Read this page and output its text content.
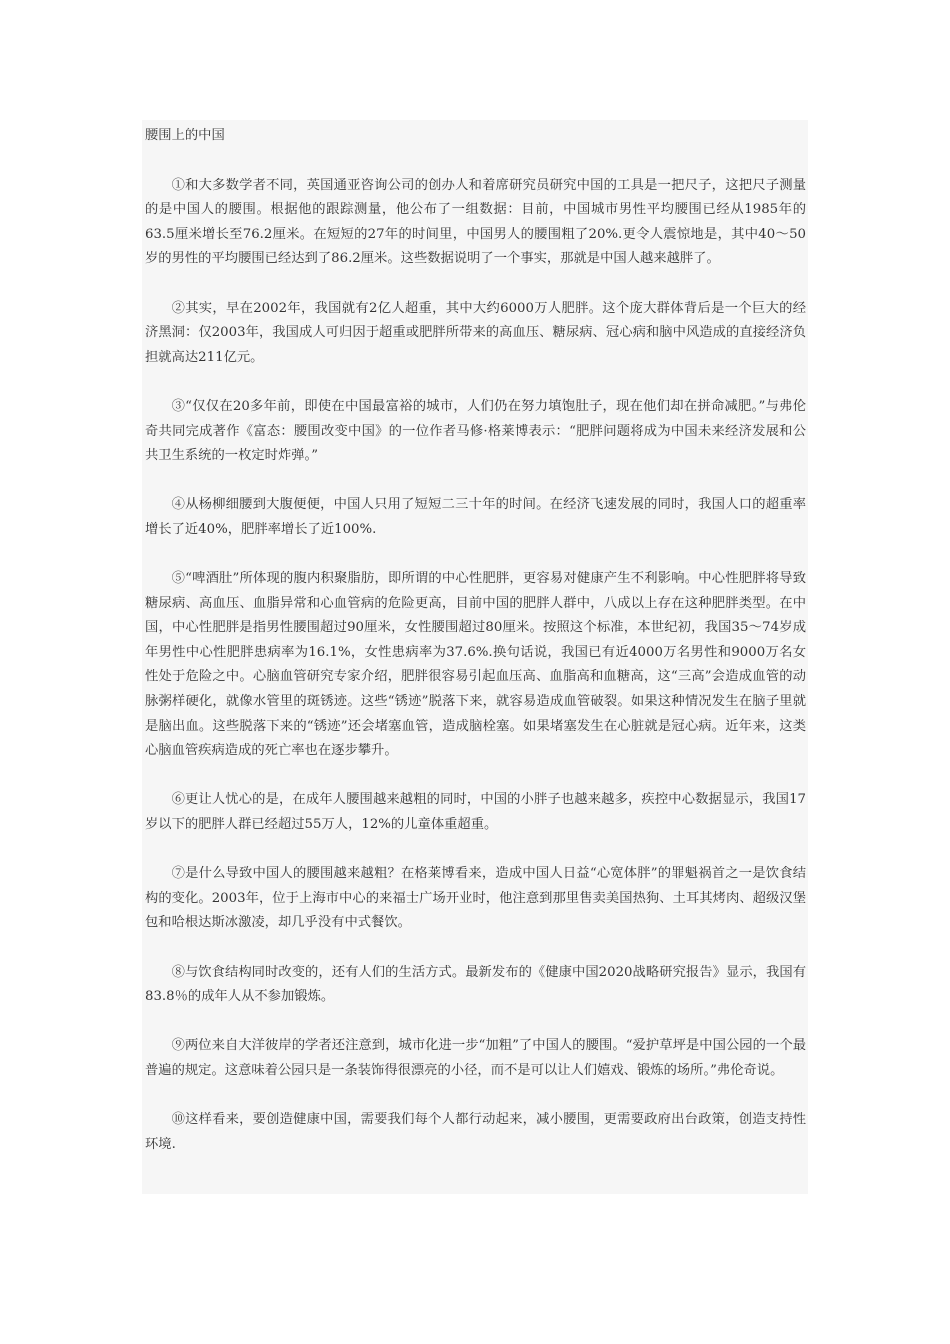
腰围上的中国

①和大多数学者不同，英国通亚咨询公司的创办人和着席研究员研究中国的工具是一把尺子，这把尺子测量的是中国人的腰围。根据他的跟踪测量，他公布了一组数据：目前，中国城市男性平均腰围已经从1985年的63.5厘米增长至76.2厘米。在短短的27年的时间里，中国男人的腰围粗了20%.更令人震惊地是，其中40～50岁的男性的平均腰围已经达到了86.2厘米。这些数据说明了一个事实，那就是中国人越来越胖了。

②其实，早在2002年，我国就有2亿人超重，其中大约6000万人肥胖。这个庞大群体背后是一个巨大的经济黑洞：仅2003年，我国成人可归因于超重或肥胖所带来的高血压、糖尿病、冠心病和脑中风造成的直接经济负担就高达211亿元。

③“仅仅在20多年前，即使在中国最富裕的城市，人们仍在努力填饱肚子，现在他们却在拼命减肥。”与弗伦奇共同完成著作《富态：腰围改变中国》的一位作者马修·格莱博表示：“肥胖问题将成为中国未来经济发展和公共卫生系统的一枚定时炸弹。”

④从杨柳细腰到大腹便便，中国人只用了短短二三十年的时间。在经济飞速发展的同时，我国人口的超重率增长了近40%，肥胖率增长了近100%.

⑤“啤酒肚”所体现的腹内积聚脂肪，即所谓的中心性肥胖，更容易对健康产生不利影响。中心性肥胖将导致糖尿病、高血压、血脂异常和心血管病的危险更高，目前中国的肥胖人群中，八成以上存在这种肥胖类型。在中国，中心性肥胖是指男性腰围超过90厘米，女性腰围超过80厘米。按照这个标准，本世纪初，我国35～74岁成年男性中心性肥胖患病率为16.1%，女性患病率为37.6%.换句话说，我国已有近4000万名男性和9000万名女性处于危险之中。心脑血管研究专家介绍，肥胖很容易引起血压高、血脂高和血糖高，这“三高”会造成血管的动脉粥样硬化，就像水管里的斑锈迹。这些“锈迹”脱落下来，就容易造成血管破裂。如果这种情况发生在脑子里就是脑出血。这些脱落下来的“锈迹”还会堵塞血管，造成脑栓塞。如果堵塞发生在心脏就是冠心病。近年来，这类心脑血管疾病造成的死亡率也在逐步攀升。

⑥更让人忧心的是，在成年人腰围越来越粗的同时，中国的小胖子也越来越多，疾控中心数据显示，我国17岁以下的肥胖人群已经超过55万人，12%的儿童体重超重。

⑦是什么导致中国人的腰围越来越粗？在格莱博看来，造成中国人日益“心宽体胖”的罪魁祸首之一是饮食结构的变化。2003年，位于上海市中心的来福士广场开业时，他注意到那里售卖美国热狗、土耳其烤肉、超级汉堡包和哈根达斯冰激凌，却几乎没有中式餐饮。

⑧与饮食结构同时改变的，还有人们的生活方式。最新发布的《健康中国2020战略研究报告》显示，我国有83.8％的成年人从不参加锻炼。

⑨两位来自大洋彼岸的学者还注意到，城市化进一步“加粗”了中国人的腰围。“爱护草坪是中国公园的一个最普遍的规定。这意味着公园只是一条装饰得很漂亮的小径，而不是可以让人们嬉戏、锻炼的场所。”弗伦奇说。

⑩这样看来，要创造健康中国，需要我们每个人都行动起来，减小腰围，更需要政府出台政策，创造支持性环境.
